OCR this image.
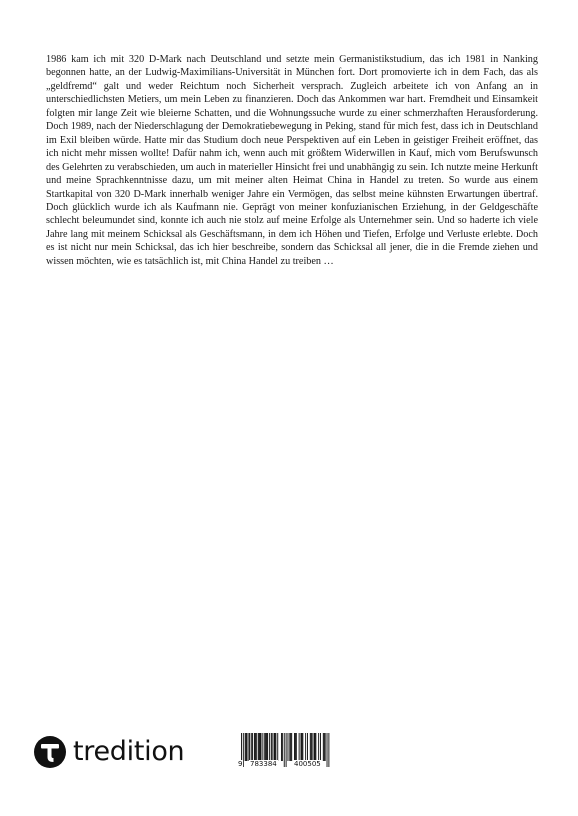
1986 kam ich mit 320 D-Mark nach Deutschland und setzte mein Germanistikstudium, das ich 1981 in Nanking begonnen hatte, an der Ludwig-Maximilians-Universität in München fort. Dort promovierte ich in dem Fach, das als „geldfremd“ galt und weder Reichtum noch Sicherheit versprach. Zugleich arbeitete ich von Anfang an in unterschiedlichsten Metiers, um mein Leben zu finanzieren. Doch das Ankommen war hart. Fremdheit und Einsamkeit folgten mir lange Zeit wie bleierne Schatten, und die Wohnungssuche wurde zu einer schmerzhaften Herausforderung. Doch 1989, nach der Niederschlagung der Demokratiebewegung in Peking, stand für mich fest, dass ich in Deutschland im Exil bleiben würde. Hatte mir das Studium doch neue Perspektiven auf ein Leben in geistiger Freiheit eröffnet, das ich nicht mehr missen wollte! Dafür nahm ich, wenn auch mit größtem Widerwillen in Kauf, mich vom Berufswunsch des Gelehrten zu verabschieden, um auch in materieller Hinsicht frei und unabhängig zu sein. Ich nutzte meine Herkunft und meine Sprachkenntnisse dazu, um mit meiner alten Heimat China in Handel zu treten. So wurde aus einem Startkapital von 320 D-Mark innerhalb weniger Jahre ein Vermögen, das selbst meine kühnsten Erwartungen übertraf. Doch glücklich wurde ich als Kaufmann nie. Geprägt von meiner konfuzianischen Erziehung, in der Geldgeschäfte schlecht beleumundet sind, konnte ich auch nie stolz auf meine Erfolge als Unternehmer sein. Und so haderte ich viele Jahre lang mit meinem Schicksal als Geschäftsmann, in dem ich Höhen und Tiefen, Erfolge und Verluste erlebte. Doch es ist nicht nur mein Schicksal, das ich hier beschreibe, sondern das Schicksal all jener, die in die Fremde ziehen und wissen möchten, wie es tatsächlich ist, mit China Handel zu treiben …

tredition	9 783384 400505
